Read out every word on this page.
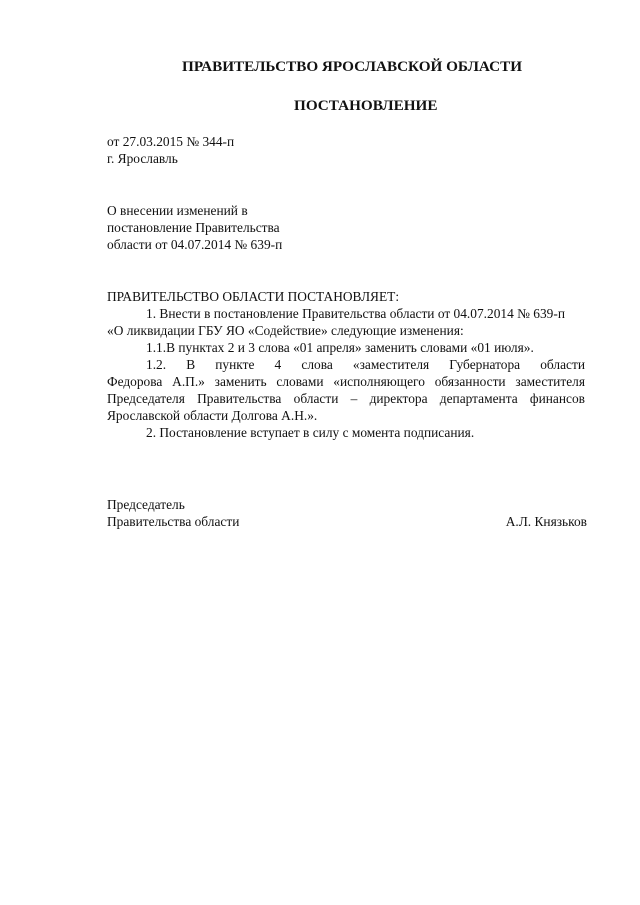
ПРАВИТЕЛЬСТВО ЯРОСЛАВСКОЙ ОБЛАСТИ
ПОСТАНОВЛЕНИЕ
от 27.03.2015 № 344-п
г. Ярославль
О внесении изменений в
постановление Правительства
области от 04.07.2014 № 639-п
ПРАВИТЕЛЬСТВО ОБЛАСТИ ПОСТАНОВЛЯЕТ:
1. Внести в постановление Правительства области от 04.07.2014 № 639-п
«О ликвидации ГБУ ЯО «Содействие» следующие изменения:
1.1.В пунктах 2 и 3 слова «01 апреля» заменить словами «01 июля».
1.2. В пункте 4 слова «заместителя Губернатора области
Федорова А.П.» заменить словами «исполняющего обязанности заместителя
Председателя Правительства области – директора департамента финансов
Ярославской области Долгова А.Н.».
2. Постановление вступает в силу с момента подписания.
Председатель
Правительства области	А.Л. Князьков
